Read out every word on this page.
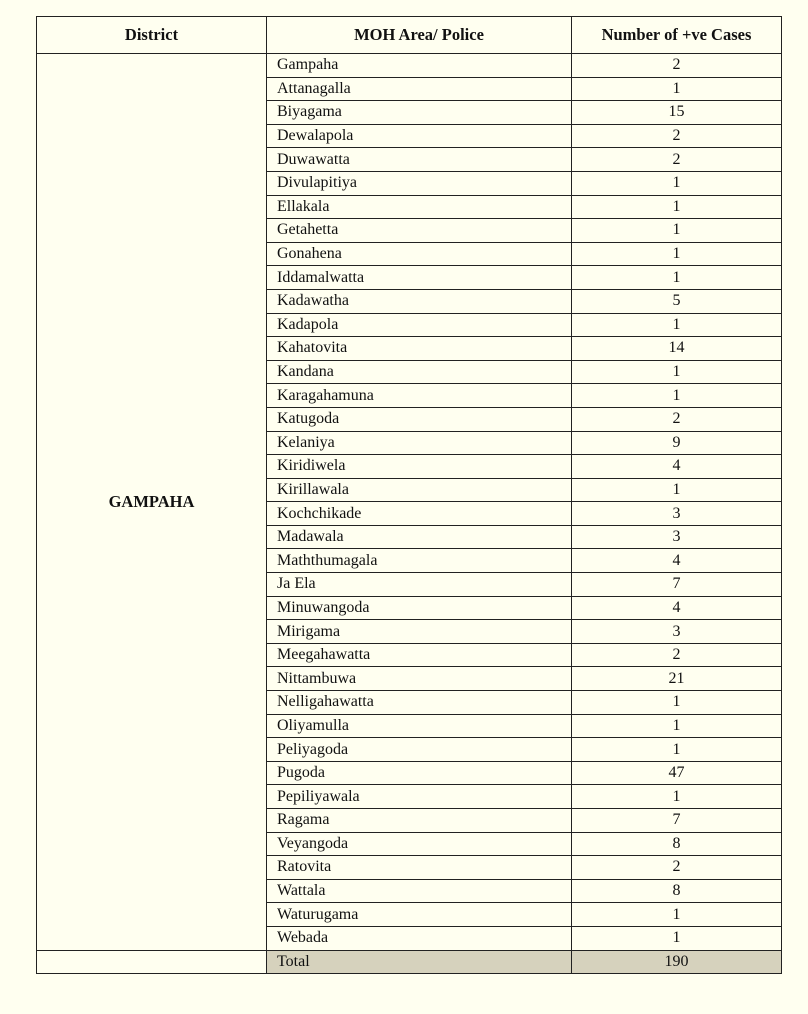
District	MOH Area/ Police	Number of +ve Cases
GAMPAHA	Gampaha	2
	Attanagalla	1
	Biyagama	15
	Dewalapola	2
	Duwawatta	2
	Divulapitiya	1
	Ellakala	1
	Getahetta	1
	Gonahena	1
	Iddamalwatta	1
	Kadawatha	5
	Kadapola	1
	Kahatovita	14
	Kandana	1
	Karagahamuna	1
	Katugoda	2
	Kelaniya	9
	Kiridiwela	4
	Kirillawala	1
	Kochchikade	3
	Madawala	3
	Maththumagala	4
	Ja Ela	7
	Minuwangoda	4
	Mirigama	3
	Meegahawatta	2
	Nittambuwa	21
	Nelligahawatta	1
	Oliyamulla	1
	Peliyagoda	1
	Pugoda	47
	Pepiliyawala	1
	Ragama	7
	Veyangoda	8
	Ratovita	2
	Wattala	8
	Waturugama	1
	Webada	1
	Total	190
